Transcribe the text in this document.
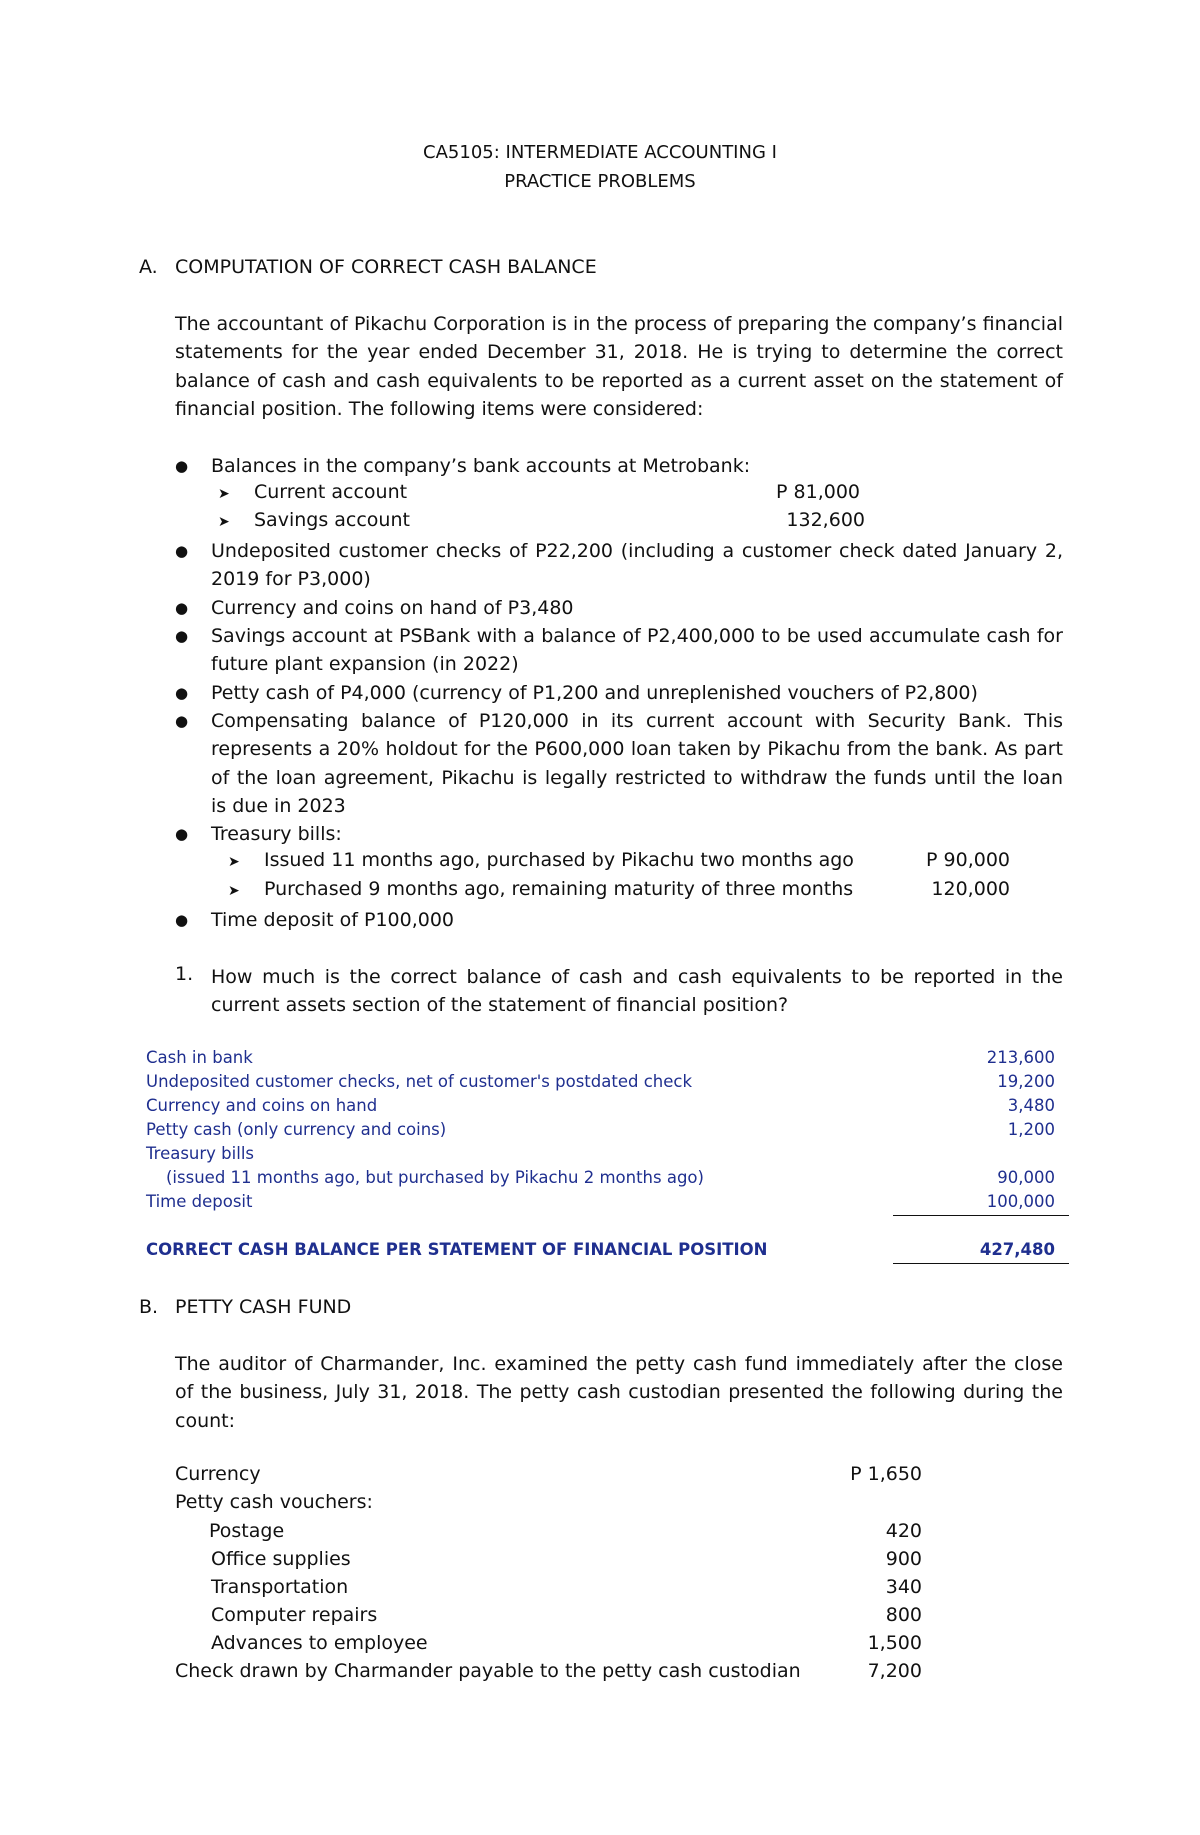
CA5105: INTERMEDIATE ACCOUNTING I
PRACTICE PROBLEMS
A. COMPUTATION OF CORRECT CASH BALANCE
The accountant of Pikachu Corporation is in the process of preparing the company’s financial statements for the year ended December 31, 2018. He is trying to determine the correct balance of cash and cash equivalents to be reported as a current asset on the statement of financial position. The following items were considered:
● Balances in the company’s bank accounts at Metrobank:
➤ Current account	P 81,000
➤ Savings account	132,600
● Undeposited customer checks of P22,200 (including a customer check dated January 2, 2019 for P3,000)
● Currency and coins on hand of P3,480
● Savings account at PSBank with a balance of P2,400,000 to be used accumulate cash for future plant expansion (in 2022)
● Petty cash of P4,000 (currency of P1,200 and unreplenished vouchers of P2,800)
● Compensating balance of P120,000 in its current account with Security Bank. This represents a 20% holdout for the P600,000 loan taken by Pikachu from the bank. As part of the loan agreement, Pikachu is legally restricted to withdraw the funds until the loan is due in 2023
● Treasury bills:
➤ Issued 11 months ago, purchased by Pikachu two months ago	P 90,000
➤ Purchased 9 months ago, remaining maturity of three months	120,000
● Time deposit of P100,000
1. How much is the correct balance of cash and cash equivalents to be reported in the current assets section of the statement of financial position?
Cash in bank	213,600
Undeposited customer checks, net of customer's postdated check	19,200
Currency and coins on hand	3,480
Petty cash (only currency and coins)	1,200
Treasury bills
(issued 11 months ago, but purchased by Pikachu 2 months ago)	90,000
Time deposit	100,000
CORRECT CASH BALANCE PER STATEMENT OF FINANCIAL POSITION	427,480
B. PETTY CASH FUND
The auditor of Charmander, Inc. examined the petty cash fund immediately after the close of the business, July 31, 2018. The petty cash custodian presented the following during the count:
Currency	P 1,650
Petty cash vouchers:
Postage	420
Office supplies	900
Transportation	340
Computer repairs	800
Advances to employee	1,500
Check drawn by Charmander payable to the petty cash custodian	7,200
